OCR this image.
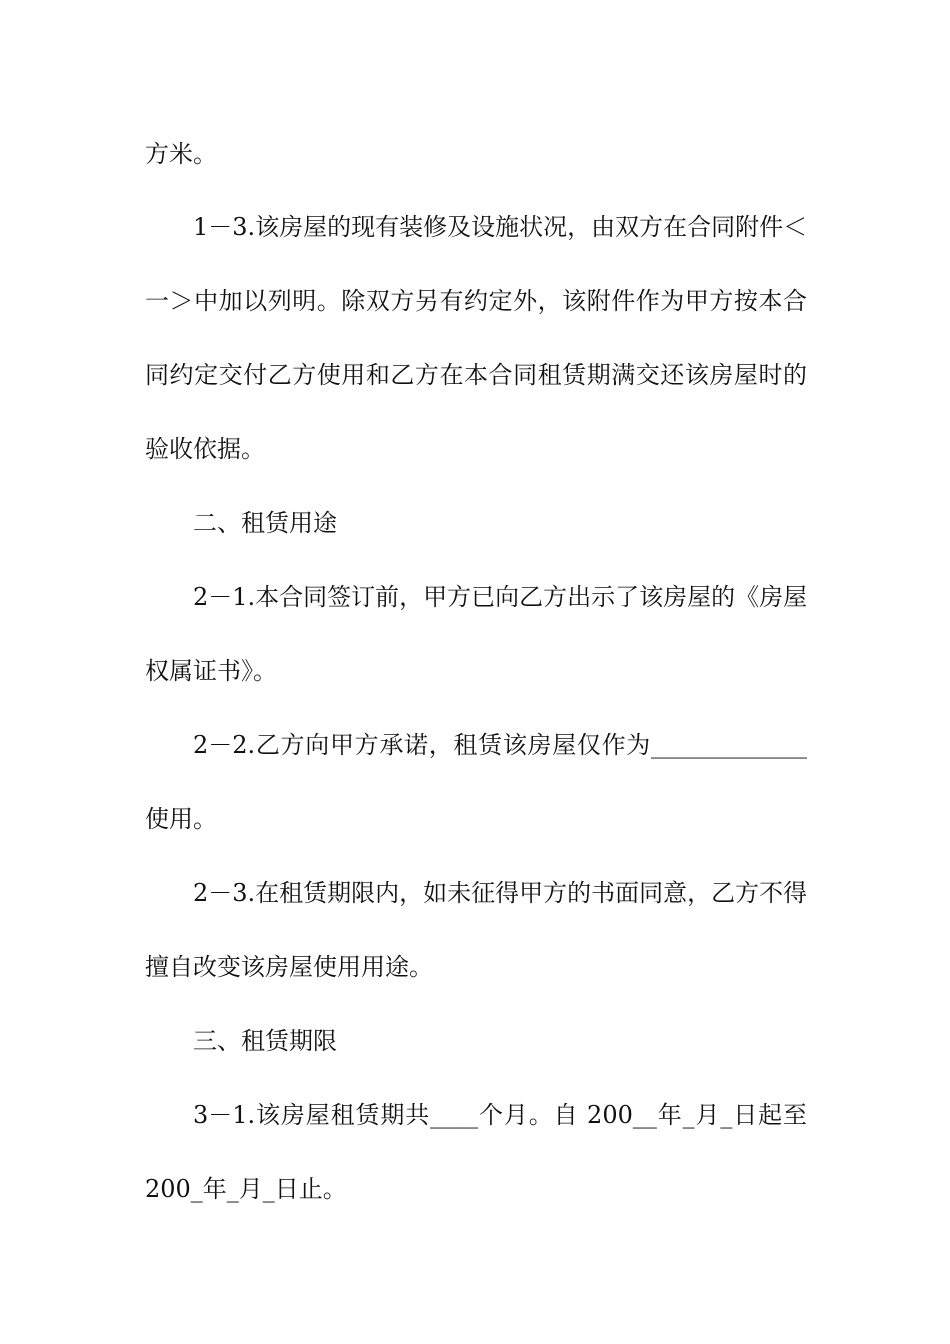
方米。

1－3.该房屋的现有装修及设施状况，由双方在合同附件＜

一＞中加以列明。除双方另有约定外，该附件作为甲方按本合

同约定交付乙方使用和乙方在本合同租赁期满交还该房屋时的

验收依据。

二、租赁用途

2－1.本合同签订前，甲方已向乙方出示了该房屋的《房屋

权属证书》。

2－2.乙方向甲方承诺，租赁该房屋仅作为_____________

使用。

2－3.在租赁期限内，如未征得甲方的书面同意，乙方不得

擅自改变该房屋使用用途。

三、租赁期限

3－1.该房屋租赁期共____个月。自 200__年_月_日起至

200_年_月_日止。
